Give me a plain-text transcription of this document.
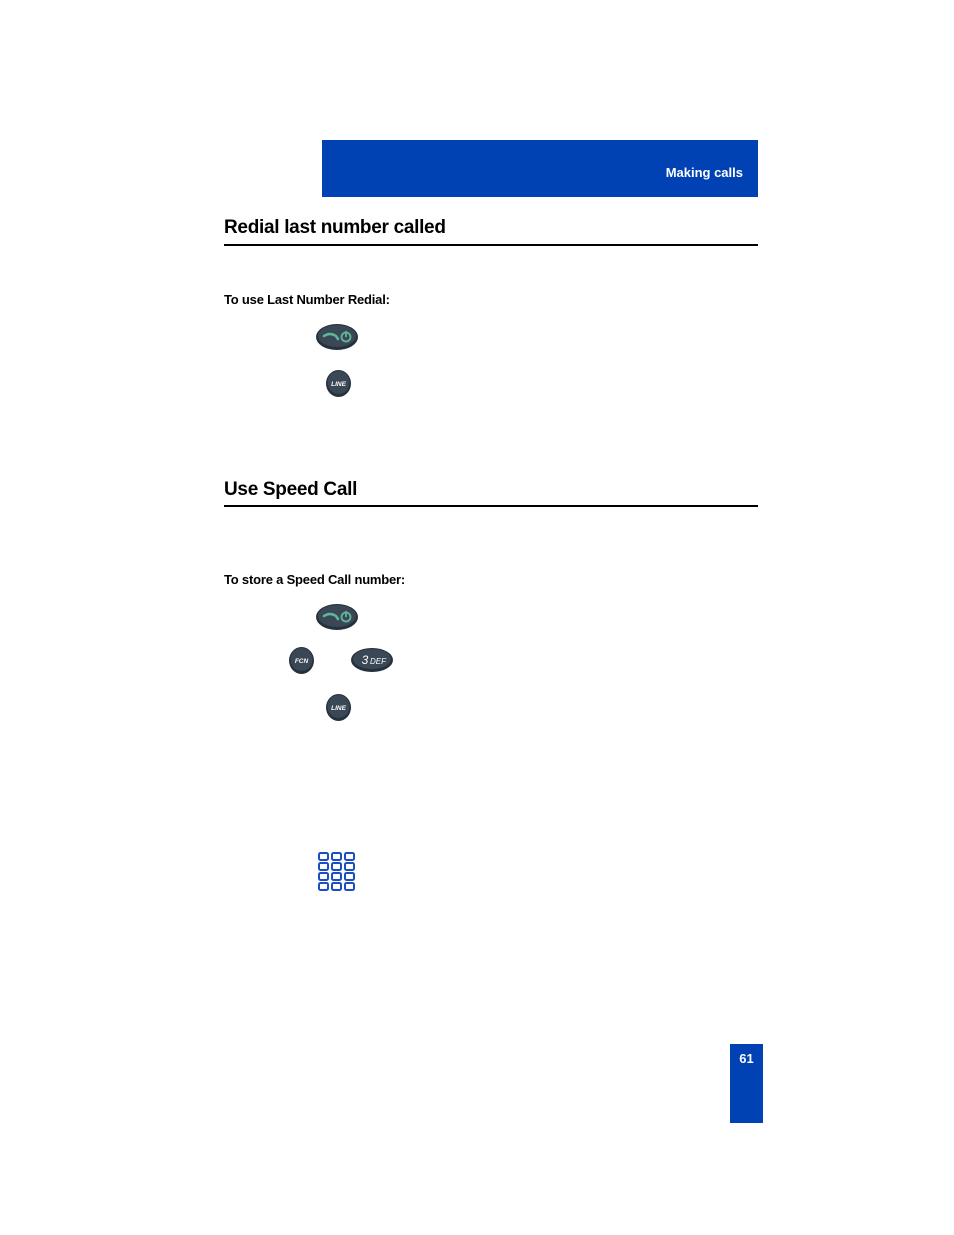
Making calls
Redial last number called
To use Last Number Redial:
LINE
Use Speed Call
To store a Speed Call number:
FCN	3 DEF
LINE
61
